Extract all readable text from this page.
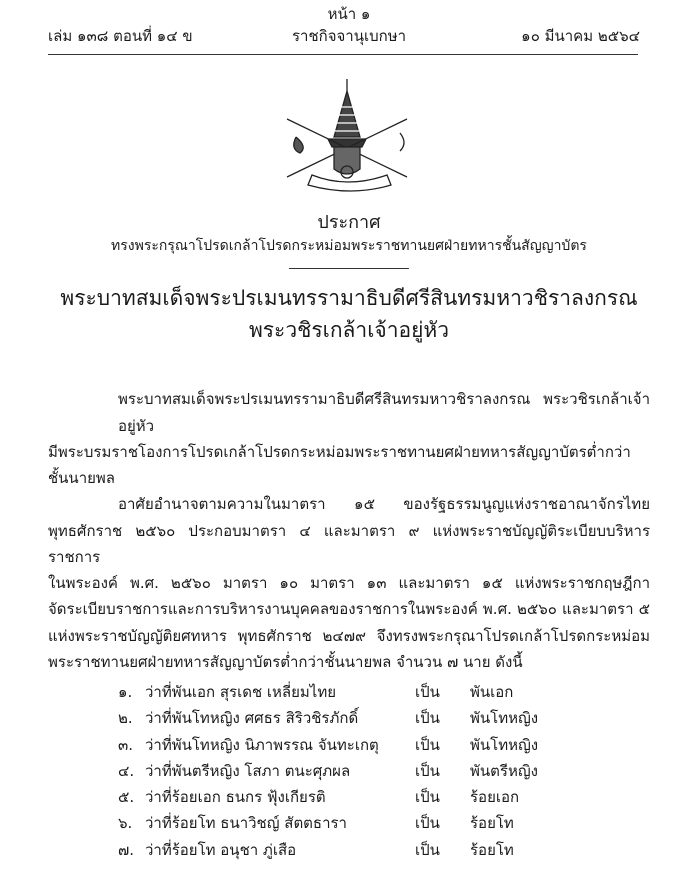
หน้า ๑
เล่ม ๑๓๘ ตอนที่ ๑๔ ข	ราชกิจจานุเบกษา	๑๐ มีนาคม ๒๕๖๔
ประกาศ
ทรงพระกรุณาโปรดเกล้าโปรดกระหม่อมพระราชทานยศฝ่ายทหารชั้นสัญญาบัตร
พระบาทสมเด็จพระปรเมนทรรามาธิบดีศรีสินทรมหาวชิราลงกรณ
พระวชิรเกล้าเจ้าอยู่หัว

พระบาทสมเด็จพระปรเมนทรรามาธิบดีศรีสินทรมหาวชิราลงกรณ พระวชิรเกล้าเจ้าอยู่หัว

มีพระบรมราชโองการโปรดเกล้าโปรดกระหม่อมพระราชทานยศฝ่ายทหารสัญญาบัตรต่ำกว่าชั้นนายพล

อาศัยอำนาจตามความในมาตรา ๑๕ ของรัฐธรรมนูญแห่งราชอาณาจักรไทย

พุทธศักราช ๒๕๖๐ ประกอบมาตรา ๔ และมาตรา ๙ แห่งพระราชบัญญัติระเบียบบริหารราชการ

ในพระองค์ พ.ศ. ๒๕๖๐ มาตรา ๑๐ มาตรา ๑๓ และมาตรา ๑๕ แห่งพระราชกฤษฎีกา

จัดระเบียบราชการและการบริหารงานบุคคลของราชการในพระองค์ พ.ศ. ๒๕๖๐ และมาตรา ๕

แห่งพระราชบัญญัติยศทหาร พุทธศักราช ๒๔๗๙ จึงทรงพระกรุณาโปรดเกล้าโปรดกระหม่อม

พระราชทานยศฝ่ายทหารสัญญาบัตรต่ำกว่าชั้นนายพล จำนวน ๗ นาย ดังนี้

๑. ว่าที่พันเอก สุรเดช เหลี่ยมไทย	เป็น	พันเอก
๒. ว่าที่พันโทหญิง ศศธร สิริวชิรภักดิ์	เป็น	พันโทหญิง
๓. ว่าที่พันโทหญิง นิภาพรรณ จันทะเกตุ	เป็น	พันโทหญิง
๔. ว่าที่พันตรีหญิง โสภา ตนะศุภผล	เป็น	พันตรีหญิง
๕. ว่าที่ร้อยเอก ธนกร ฟุ้งเกียรติ	เป็น	ร้อยเอก
๖. ว่าที่ร้อยโท ธนาวิชญ์ สัตตธารา	เป็น	ร้อยโท
๗. ว่าที่ร้อยโท อนุชา ภู่เสือ	เป็น	ร้อยโท
